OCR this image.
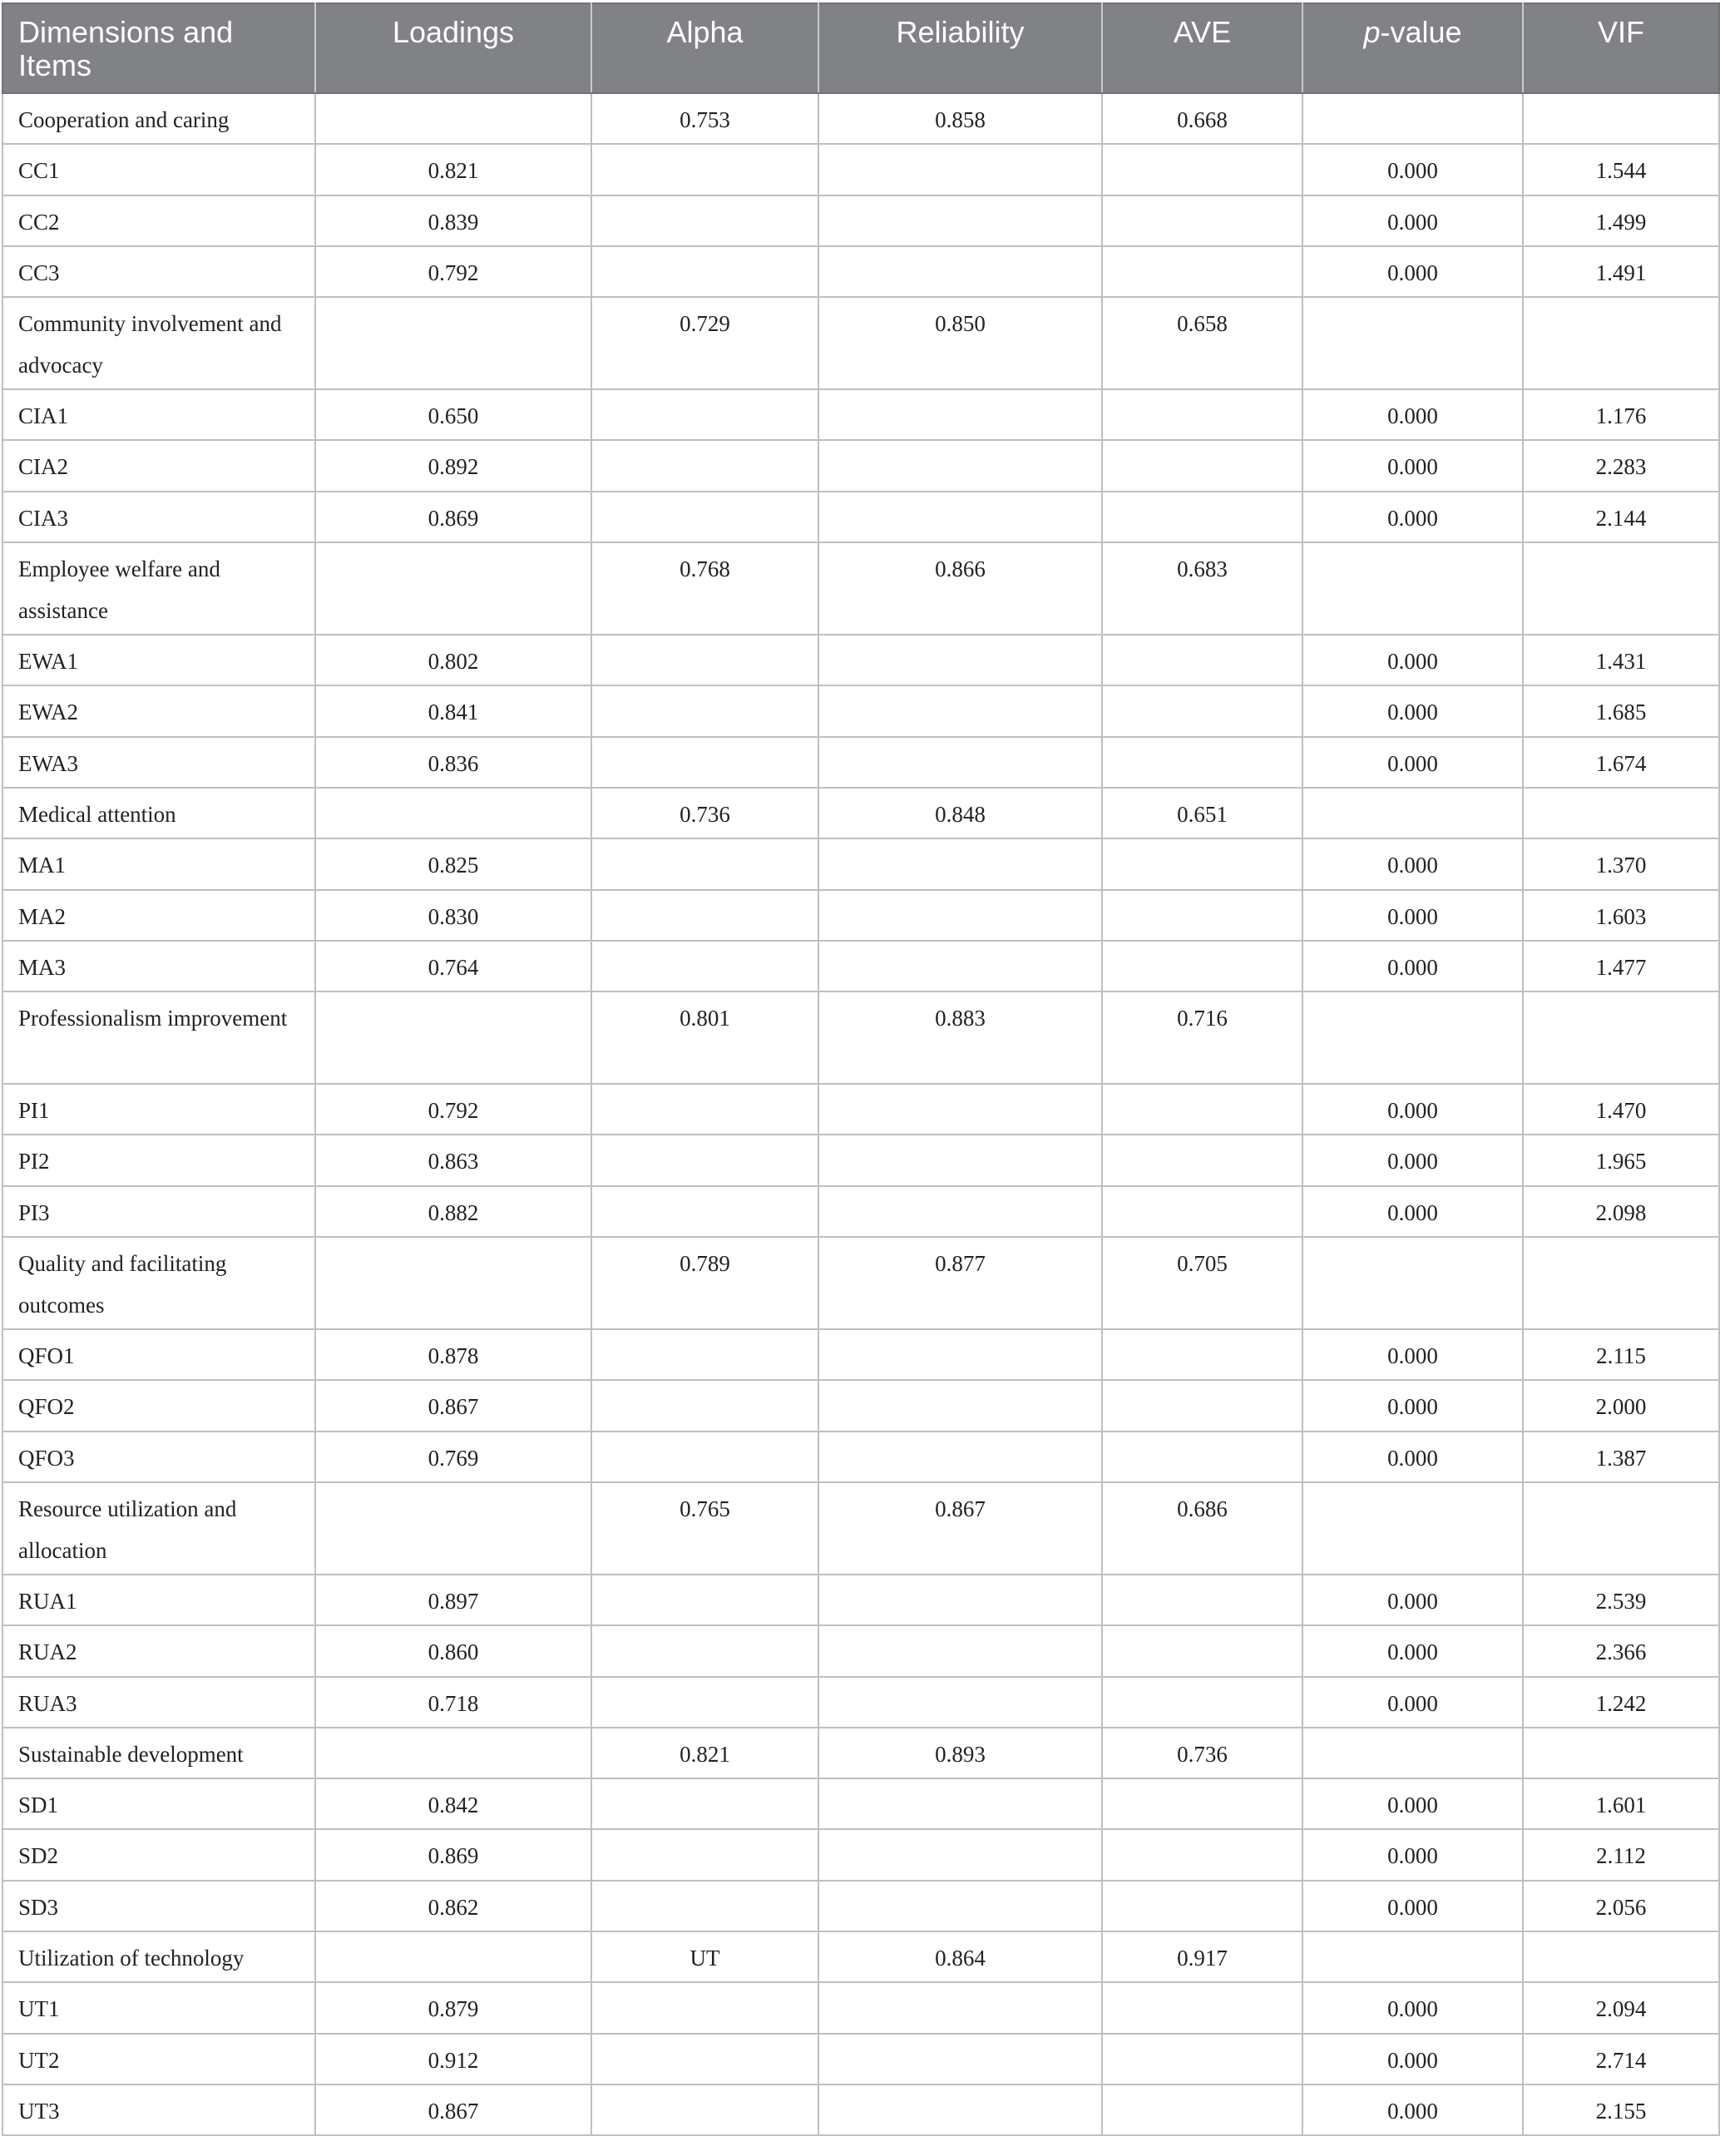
Dimensions and Items	Loadings	Alpha	Reliability	AVE	p-value	VIF
Cooperation and caring		0.753	0.858	0.668		
CC1	0.821				0.000	1.544
CC2	0.839				0.000	1.499
CC3	0.792				0.000	1.491
Community involvement and advocacy		0.729	0.850	0.658		
CIA1	0.650				0.000	1.176
CIA2	0.892				0.000	2.283
CIA3	0.869				0.000	2.144
Employee welfare and assistance		0.768	0.866	0.683		
EWA1	0.802				0.000	1.431
EWA2	0.841				0.000	1.685
EWA3	0.836				0.000	1.674
Medical attention		0.736	0.848	0.651		
MA1	0.825				0.000	1.370
MA2	0.830				0.000	1.603
MA3	0.764				0.000	1.477
Professionalism improvement		0.801	0.883	0.716		
PI1	0.792				0.000	1.470
PI2	0.863				0.000	1.965
PI3	0.882				0.000	2.098
Quality and facilitating outcomes		0.789	0.877	0.705		
QFO1	0.878				0.000	2.115
QFO2	0.867				0.000	2.000
QFO3	0.769				0.000	1.387
Resource utilization and allocation		0.765	0.867	0.686		
RUA1	0.897				0.000	2.539
RUA2	0.860				0.000	2.366
RUA3	0.718				0.000	1.242
Sustainable development		0.821	0.893	0.736		
SD1	0.842				0.000	1.601
SD2	0.869				0.000	2.112
SD3	0.862				0.000	2.056
Utilization of technology		UT	0.864	0.917		
UT1	0.879				0.000	2.094
UT2	0.912				0.000	2.714
UT3	0.867				0.000	2.155
